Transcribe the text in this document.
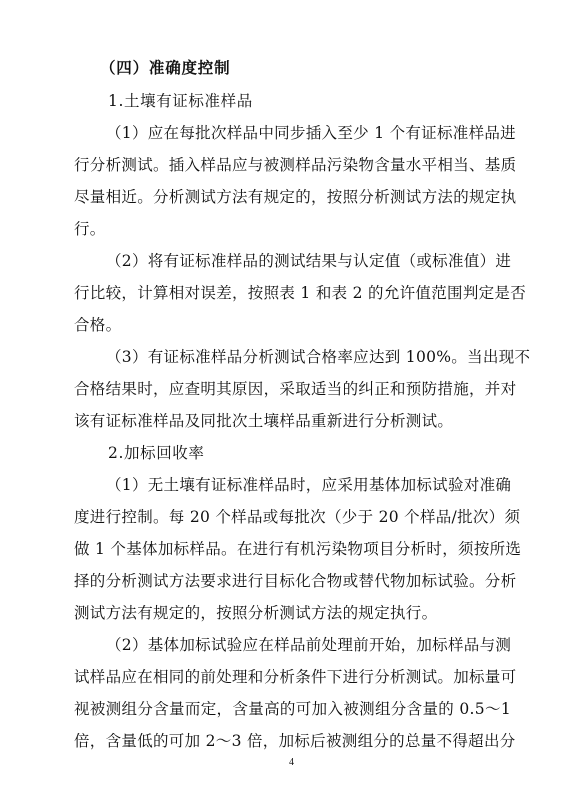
（四）准确度控制
1.土壤有证标准样品
（1）应在每批次样品中同步插入至少 1 个有证标准样品进
行分析测试。插入样品应与被测样品污染物含量水平相当、基质
尽量相近。分析测试方法有规定的，按照分析测试方法的规定执
行。
（2）将有证标准样品的测试结果与认定值（或标准值）进
行比较，计算相对误差，按照表 1 和表 2 的允许值范围判定是否
合格。
（3）有证标准样品分析测试合格率应达到 100%。当出现不
合格结果时，应查明其原因，采取适当的纠正和预防措施，并对
该有证标准样品及同批次土壤样品重新进行分析测试。
2.加标回收率
（1）无土壤有证标准样品时，应采用基体加标试验对准确
度进行控制。每 20 个样品或每批次（少于 20 个样品/批次）须
做 1 个基体加标样品。在进行有机污染物项目分析时，须按所选
择的分析测试方法要求进行目标化合物或替代物加标试验。分析
测试方法有规定的，按照分析测试方法的规定执行。
（2）基体加标试验应在样品前处理前开始，加标样品与测
试样品应在相同的前处理和分析条件下进行分析测试。加标量可
视被测组分含量而定，含量高的可加入被测组分含量的 0.5～1
倍，含量低的可加 2～3 倍，加标后被测组分的总量不得超出分
4
